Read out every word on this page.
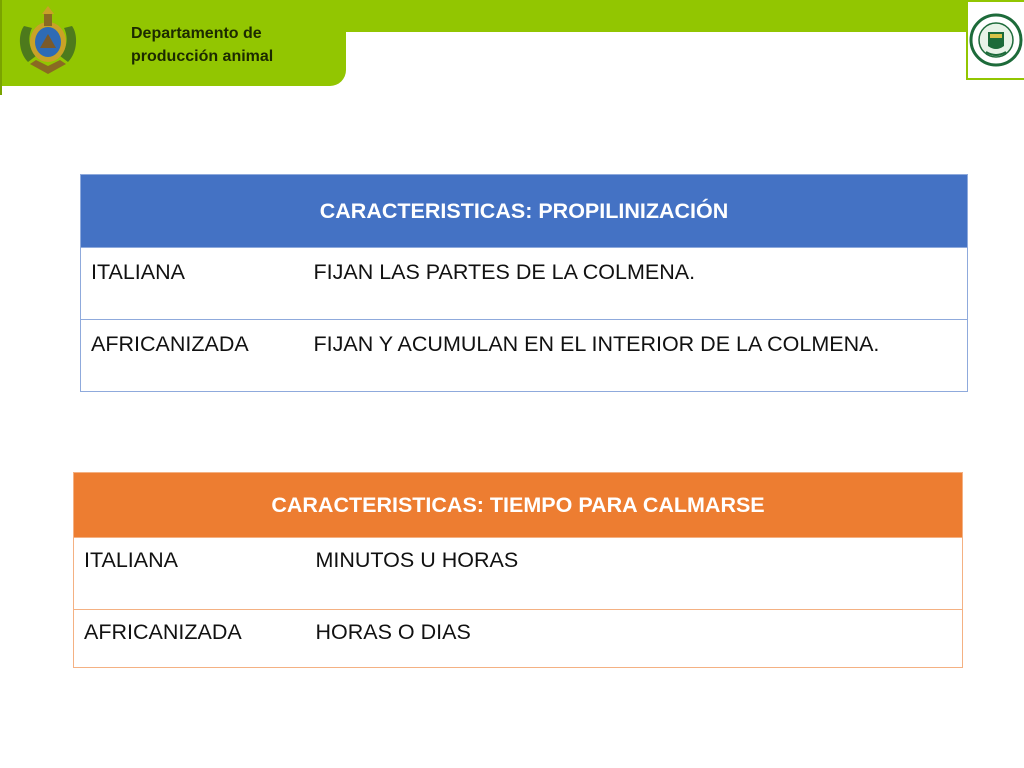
Departamento de
producción animal

CARACTERISTICAS: PROPILINIZACIÓN	
ITALIANA	FIJAN LAS PARTES DE LA COLMENA.
AFRICANIZADA	FIJAN Y ACUMULAN EN EL INTERIOR DE LA COLMENA.
CARACTERISTICAS: TIEMPO PARA CALMARSE	
ITALIANA	MINUTOS U HORAS
AFRICANIZADA	HORAS O DIAS
